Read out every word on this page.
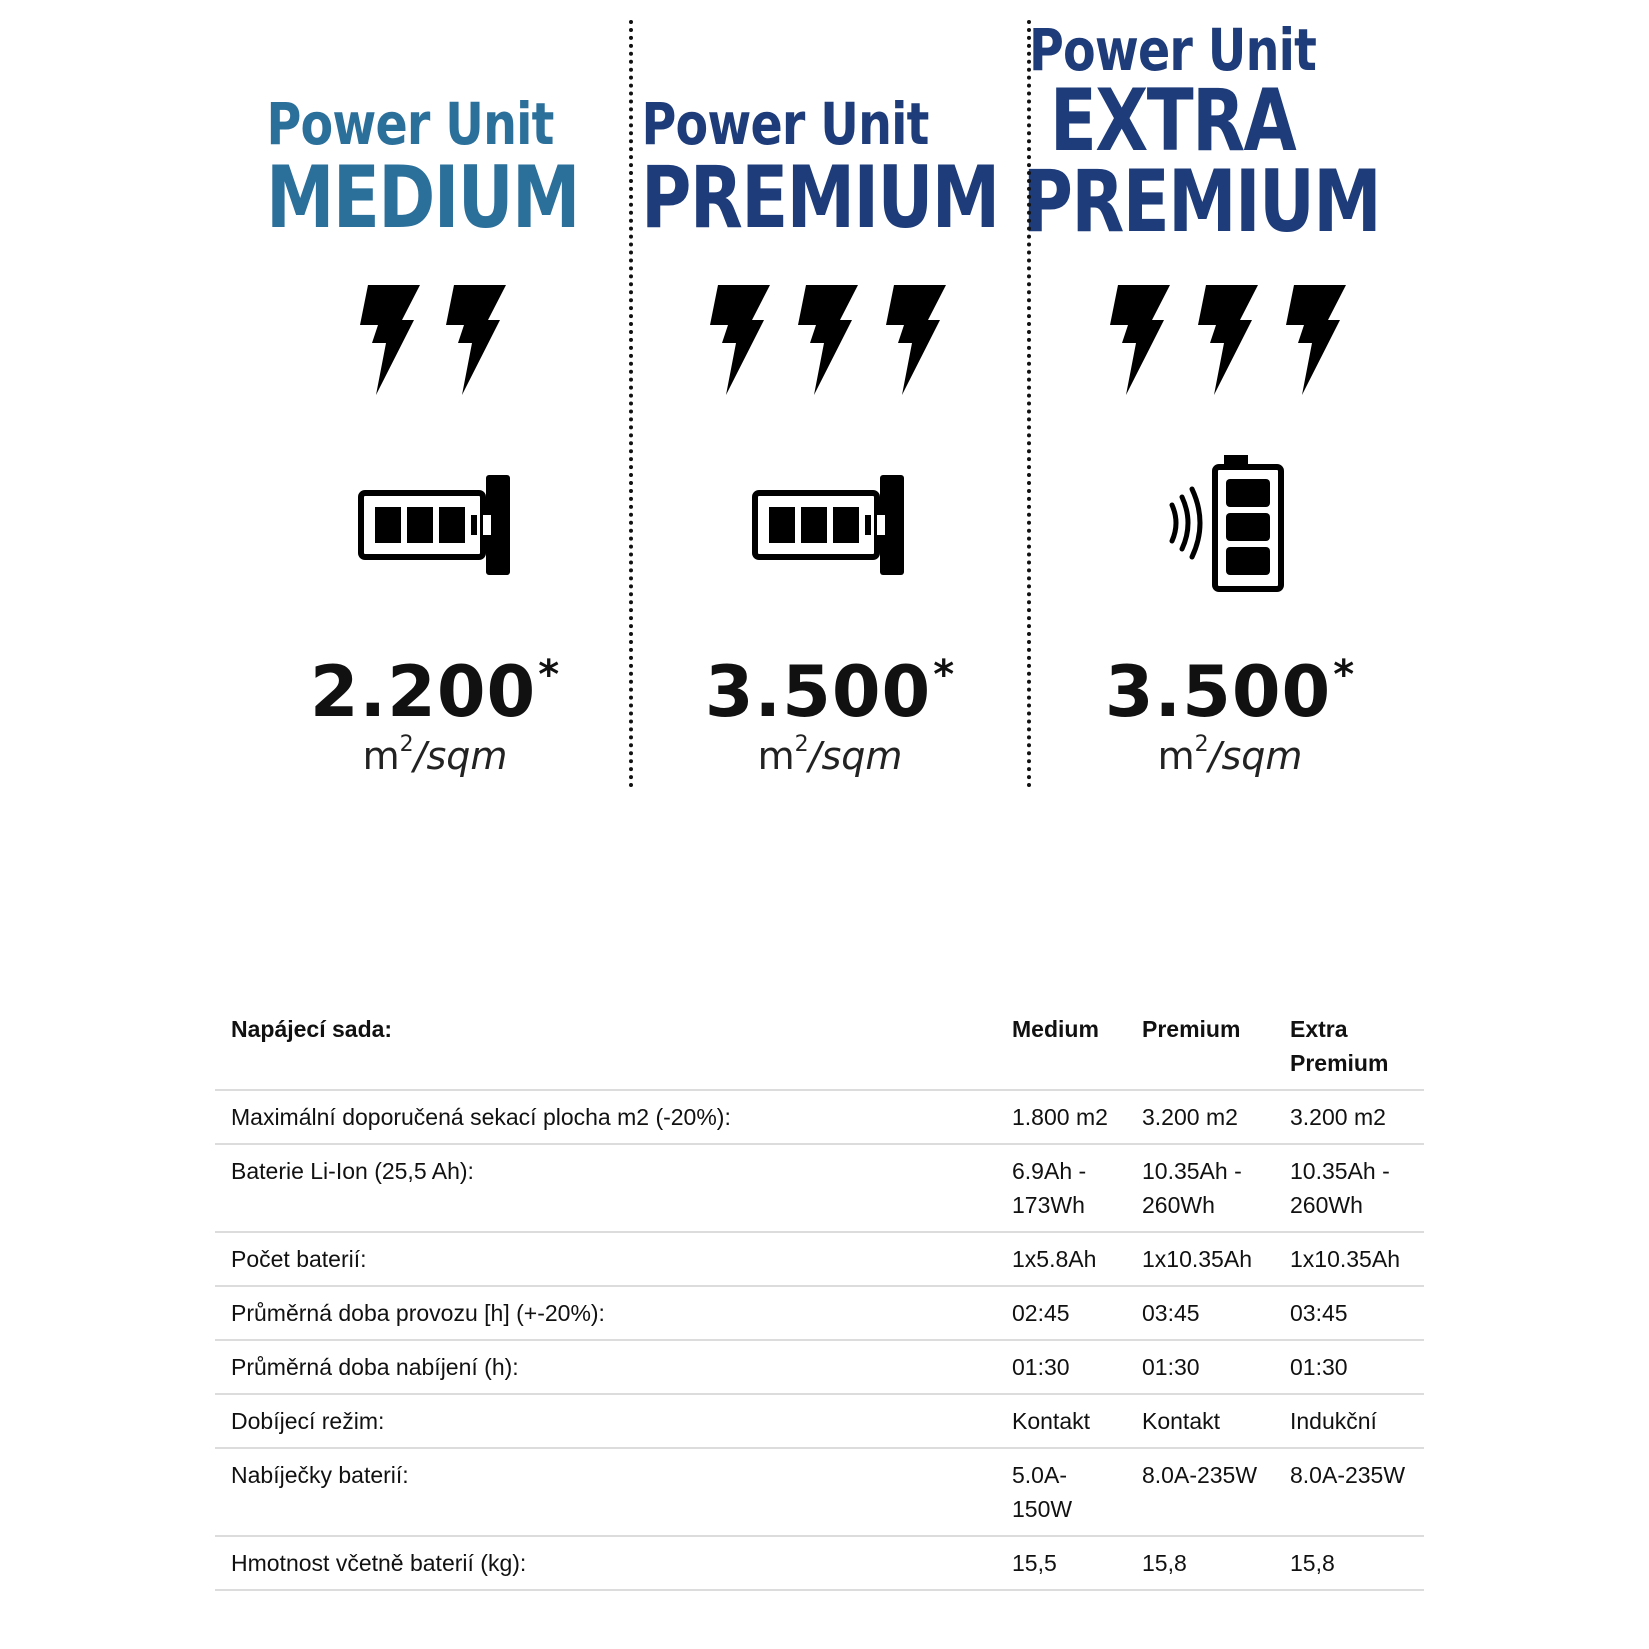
Power Unit
MEDIUM
Power Unit
PREMIUM
Power Unit
EXTRA
PREMIUM
2.200*
$m^2$/sqm
3.500*
$m^2$/sqm
3.500*
$m^2$/sqm
Napájecí sada:	Medium	Premium	Extra Premium
Maximální doporučená sekací plocha m2 (-20%):	1.800 m2	3.200 m2	3.200 m2
Baterie Li-Ion (25,5 Ah):	6.9Ah - 173Wh	10.35Ah - 260Wh	10.35Ah - 260Wh
Počet baterií:	1x5.8Ah	1x10.35Ah	1x10.35Ah
Průměrná doba provozu [h] (+-20%):	02:45	03:45	03:45
Průměrná doba nabíjení (h):	01:30	01:30	01:30
Dobíjecí režim:	Kontakt	Kontakt	Indukční
Nabíječky baterií:	5.0A-150W	8.0A-235W	8.0A-235W
Hmotnost včetně baterií (kg):	15,5	15,8	15,8
